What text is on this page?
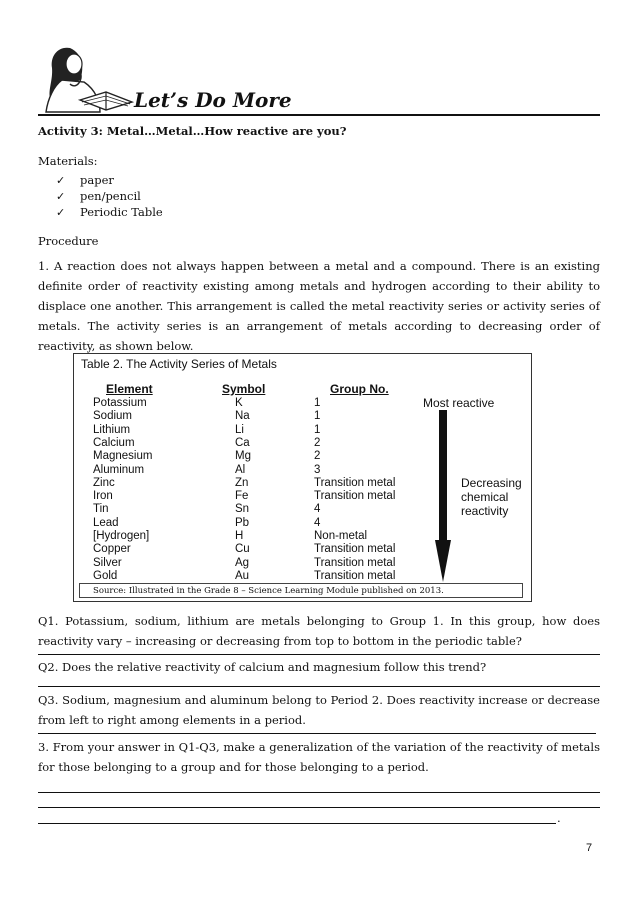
Let’s Do More
Activity 3: Metal…Metal…How reactive are you?
Materials:
✓	paper
✓	pen/pencil
✓	Periodic Table
Procedure
1. A reaction does not always happen between a metal and a compound. There is an existing definite order of reactivity existing among metals and hydrogen according to their ability to displace one another. This arrangement is called the metal reactivity series or activity series of metals. The activity series is an arrangement of metals according to decreasing order of reactivity, as shown below.
Table 2. The Activity Series of Metals
Element	Symbol	Group No.
Potassium	K	1
Sodium	Na	1
Lithium	Li	1
Calcium	Ca	2
Magnesium	Mg	2
Aluminum	Al	3
Zinc	Zn	Transition metal
Iron	Fe	Transition metal
Tin	Sn	4
Lead	Pb	4
[Hydrogen]	H	Non-metal
Copper	Cu	Transition metal
Silver	Ag	Transition metal
Gold	Au	Transition metal
Most reactive
Decreasing
chemical
reactivity
Source: Illustrated in the Grade 8 – Science Learning Module published on 2013.
Q1. Potassium, sodium, lithium are metals belonging to Group 1. In this group, how does reactivity vary – increasing or decreasing from top to bottom in the periodic table?
Q2. Does the relative reactivity of calcium and magnesium follow this trend?
Q3. Sodium, magnesium and aluminum belong to Period 2. Does reactivity increase or decrease from left to right among elements in a period.
3. From your answer in Q1-Q3, make a generalization of the variation of the reactivity of metals for those belonging to a group and for those belonging to a period.
.
7
